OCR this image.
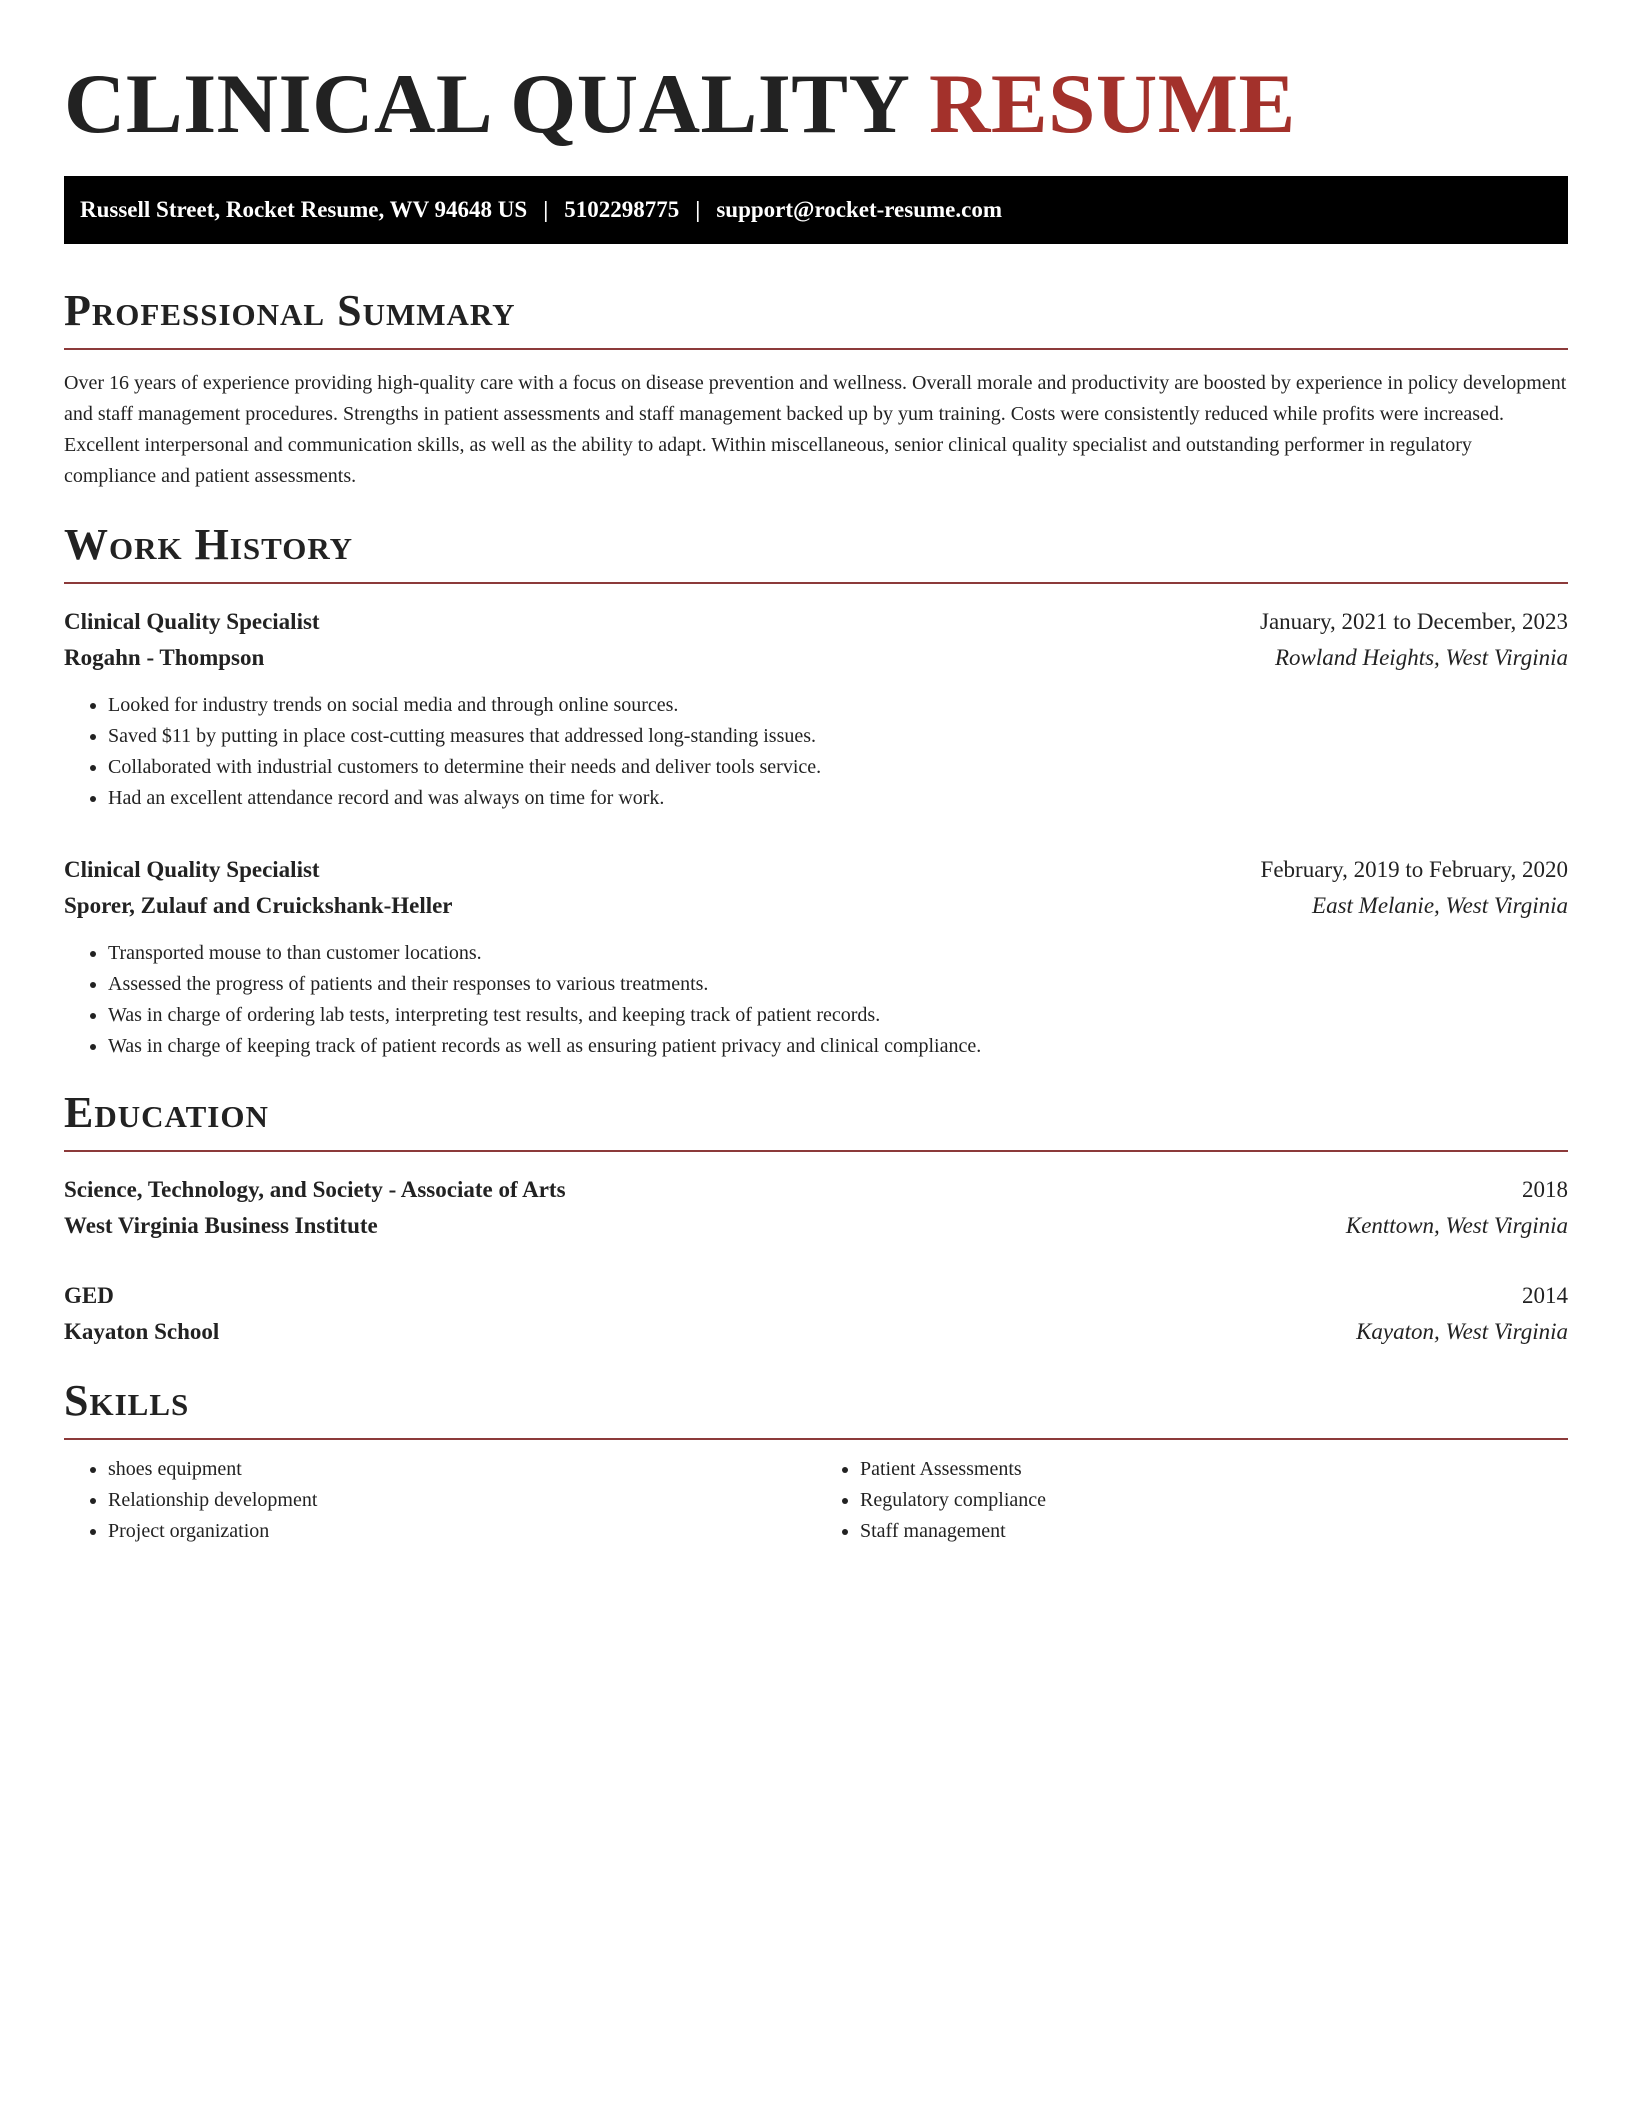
CLINICAL QUALITY RESUME
Russell Street, Rocket Resume, WV 94648 US | 5102298775 | support@rocket-resume.com
Professional Summary

Over 16 years of experience providing high-quality care with a focus on disease prevention and wellness. Overall morale and productivity are boosted by experience in policy development and staff management procedures. Strengths in patient assessments and staff management backed up by yum training. Costs were consistently reduced while profits were increased. Excellent interpersonal and communication skills, as well as the ability to adapt. Within miscellaneous, senior clinical quality specialist and outstanding performer in regulatory compliance and patient assessments.

Work History
Clinical Quality Specialist	January, 2021 to December, 2023
Rogahn - Thompson	Rowland Heights, West Virginia
• Looked for industry trends on social media and through online sources.
• Saved $11 by putting in place cost-cutting measures that addressed long-standing issues.
• Collaborated with industrial customers to determine their needs and deliver tools service.
• Had an excellent attendance record and was always on time for work.
Clinical Quality Specialist	February, 2019 to February, 2020
Sporer, Zulauf and Cruickshank-Heller	East Melanie, West Virginia
• Transported mouse to than customer locations.
• Assessed the progress of patients and their responses to various treatments.
• Was in charge of ordering lab tests, interpreting test results, and keeping track of patient records.
• Was in charge of keeping track of patient records as well as ensuring patient privacy and clinical compliance.
Education
Science, Technology, and Society - Associate of Arts	2018
West Virginia Business Institute	Kenttown, West Virginia
GED	2014
Kayaton School	Kayaton, West Virginia
Skills
• shoes equipment
• Relationship development
• Project organization
• Patient Assessments
• Regulatory compliance
• Staff management
